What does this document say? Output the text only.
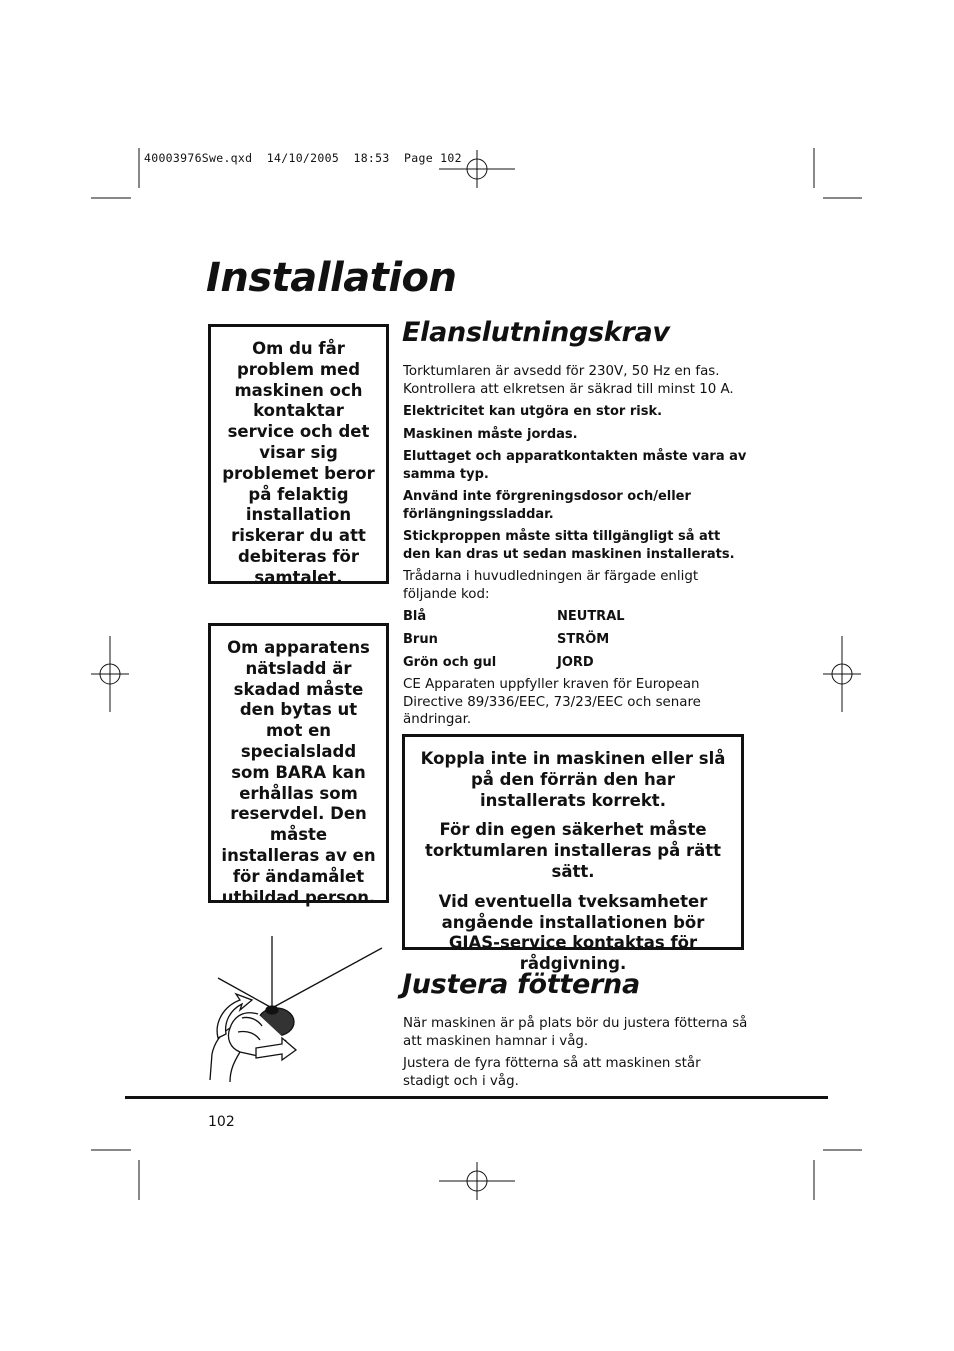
40003976Swe.qxd  14/10/2005  18:53  Page 102
Installation

Om du får problem med maskinen och kontaktar service och det visar sig problemet beror på felaktig installation riskerar du att debiteras för samtalet.

Om apparatens nätsladd är skadad måste den bytas ut mot en specialsladd som BARA kan erhållas som reservdel. Den måste installeras av en för ändamålet utbildad person.

Elanslutningskrav

Torktumlaren är avsedd för 230V, 50 Hz en fas. Kontrollera att elkretsen är säkrad till minst 10 A.

Elektricitet kan utgöra en stor risk.

Maskinen måste jordas.

Eluttaget och apparatkontakten måste vara av samma typ.

Använd inte förgreningsdosor och/eller förlängningssladdar.

Stickproppen måste sitta tillgängligt så att den kan dras ut sedan maskinen installerats.

Trådarna i huvudledningen är färgade enligt följande kod:

Blå	NEUTRAL
Brun	STRÖM
Grön och gul	JORD

CE Apparaten uppfyller kraven för European Directive 89/336/EEC, 73/23/EEC och senare ändringar.

Koppla inte in maskinen eller slå på den förrän den har installerats korrekt.

För din egen säkerhet måste torktumlaren installeras på rätt sätt.

Vid eventuella tveksamheter angående installationen bör GIAS-service kontaktas för rådgivning.

Justera fötterna

När maskinen är på plats bör du justera fötterna så att maskinen hamnar i våg.

Justera de fyra fötterna så att maskinen står stadigt och i våg.

102
